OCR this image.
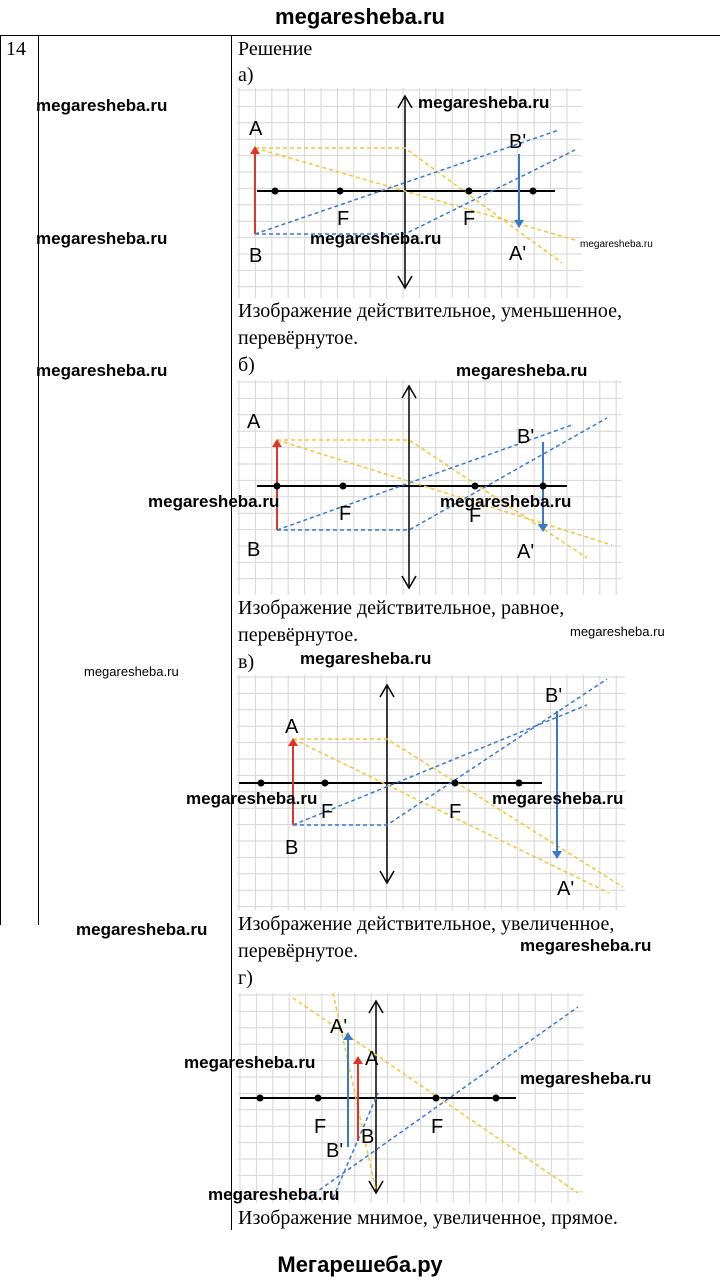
megaresheba.ru
Мегарешеба.ру
14	Решение
а)
A
B
F	F
B'
A'
Изображение действительное, уменьшенное,
перевёрнутое.
б)
A
B
F	F
B'
A'
Изображение действительное, равное,
перевёрнутое.
в)
A
B
F	F
B'
A'
Изображение действительное, увеличенное,
перевёрнутое.
г)
A'
A
F B	F
B'
Изображение мнимое, увеличенное, прямое.
megaresheba.ru	megaresheba.ru
megaresheba.ru	megaresheba.ru	megaresheba.ru
megaresheba.ru	megaresheba.ru
megaresheba.ru	megaresheba.ru
megaresheba.ru
megaresheba.ru
megaresheba.ru
megaresheba.ru	megaresheba.ru
megaresheba.ru
megaresheba.ru
megaresheba.ru
megaresheba.ru
megaresheba.ru
